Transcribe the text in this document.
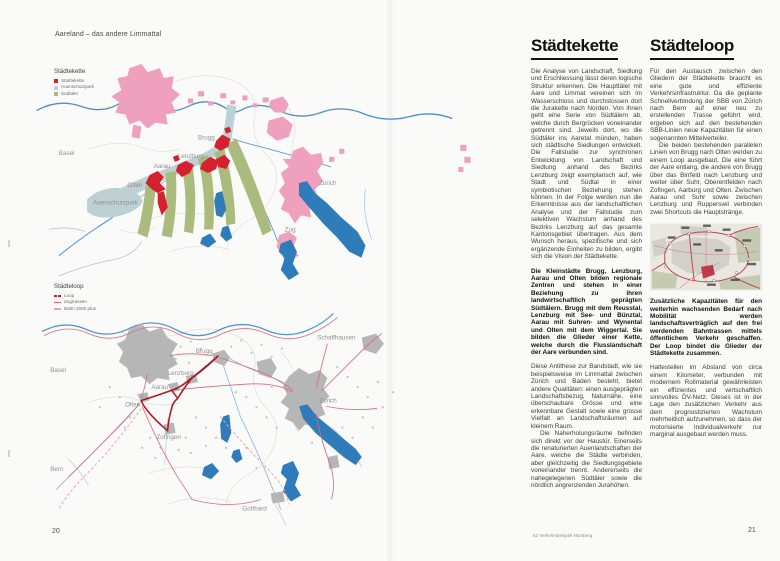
Aareland – das andere Limmattal
Städtekette
Städtekette
Auenschutzpark
Südtäler
Basel
Brugg
Lenzburg
Aarau
Olten
Auenschutzpark
Zürich
Zug
Städteloop
Loop
Zugtrassen
Bahn 2000 plus
Basel
Brugg
Lenzburg
Aarau
Olten
Zofingen
Bern
Schaffhausen
Zürich
Gotthard
Städtekette

Die Analyse von Landschaft, Siedlung und Erschliessung lässt deren logische Struktur erkennen. Die Haupttäler mit Aare und Limmat vereinen sich im Wasserschloss und durchstossen dort die Jurakette nach Norden. Von ihnen geht eine Serie von Südtälern ab, welche durch Bergrücken voneinander getrennt sind. Jeweils dort, wo die Südtäler ins Aaretal münden, haben sich städtische Siedlungen entwickelt. Die Fallstudie zur synchronen Entwicklung von Landschaft und Siedlung anhand des Bezirks Lenzburg zeigt exemplarisch auf, wie Stadt und Südtal in einer symbiotischen Beziehung stehen können. In der Folge werden nun die Erkenntnisse aus der landschaftlichen Analyse und der Fallstudie zum selektiven Wachstum anhand des Bezirks Lenzburg auf das gesamte Kantonsgebiet übertragen. Aus dem Wunsch heraus, spezifische und sich ergänzende Einheiten zu bilden, ergibt sich die Vision der Städtekette.

Die Kleinstädte Brugg, Lenzburg, Aarau und Olten bilden regionale Zentren und stehen in einer Beziehung zu ihren landwirtschaftlich geprägten Südtälern. Brugg mit dem Reusstal, Lenzburg mit See- und Bünztal, Aarau mit Suhren- und Wynental und Olten mit dem Wiggertal. Sie bilden die Glieder einer Kette, welche durch die Flusslandschaft der Aare verbunden sind.

Diese Antithese zur Bandstadt, wie sie beispielsweise im Limmattal zwischen Zürich und Baden besteht, bietet andere Qualitäten: einen ausgeprägten Landschaftsbezug, Naturnähe, eine überschaubare Grösse und eine erkennbare Gestalt sowie eine grosse Vielfalt an Landschaftsräumen auf kleinem Raum.

Die Naherholungsräume befinden sich direkt vor der Haustür. Einerseits die renaturierten Auenlandschaften der Aare, welche die Städte verbinden, aber gleichzeitig die Siedlungsgebiete voneinander trennt. Andererseits die nahegelegenen Südtäler sowie die nördlich angrenzenden Jurahöhen.

Städteloop

Für den Austausch zwischen den Gliedern der Städtekette braucht es eine gute und effiziente Verkehrsinfrastruktur. Da die geplante Schnellverbindung der SBB von Zürich nach Bern auf einer neu zu erstellenden Trasse geführt wird, ergeben sich auf den bestehenden SBB-Linien neue Kapazitäten für einen sogenannten Mittelverteiler.

Die beiden bestehenden parallelen Linien von Brugg nach Olten werden zu einem Loop ausgebaut. Die eine führt der Aare entlang, die andere von Brugg über das Birrfeld nach Lenzburg und weiter über Suhr, Oberentfelden nach Zofingen, Aarburg und Olten. Zwischen Aarau und Suhr sowie zwischen Lenzburg und Rupperswil verbinden zwei Shortcuts die Hauptstränge.

Zusätzliche Kapazitäten für den weiterhin wachsenden Bedarf nach Mobilität werden landschaftsverträglich auf den frei werdenden Bahntrassen mittels öffentlichem Verkehr geschaffen. Der Loop bindet die Glieder der Städtekette zusammen.

Haltestellen im Abstand von circa einem Kilometer, verbunden mit modernem Rollmaterial gewährleisten ein effizientes und wirtschaftlich sinnvolles ÖV-Netz. Dieses ist in der Lage den zusätzlichen Verkehr aus dem prognostizierten Wachstum mehrheitlich aufzunehmen, so dass der motorisierte Individualverkehr nur marginal ausgebaut werden muss.

62 Verkehrsbeispiel Nürnberg
20	21
